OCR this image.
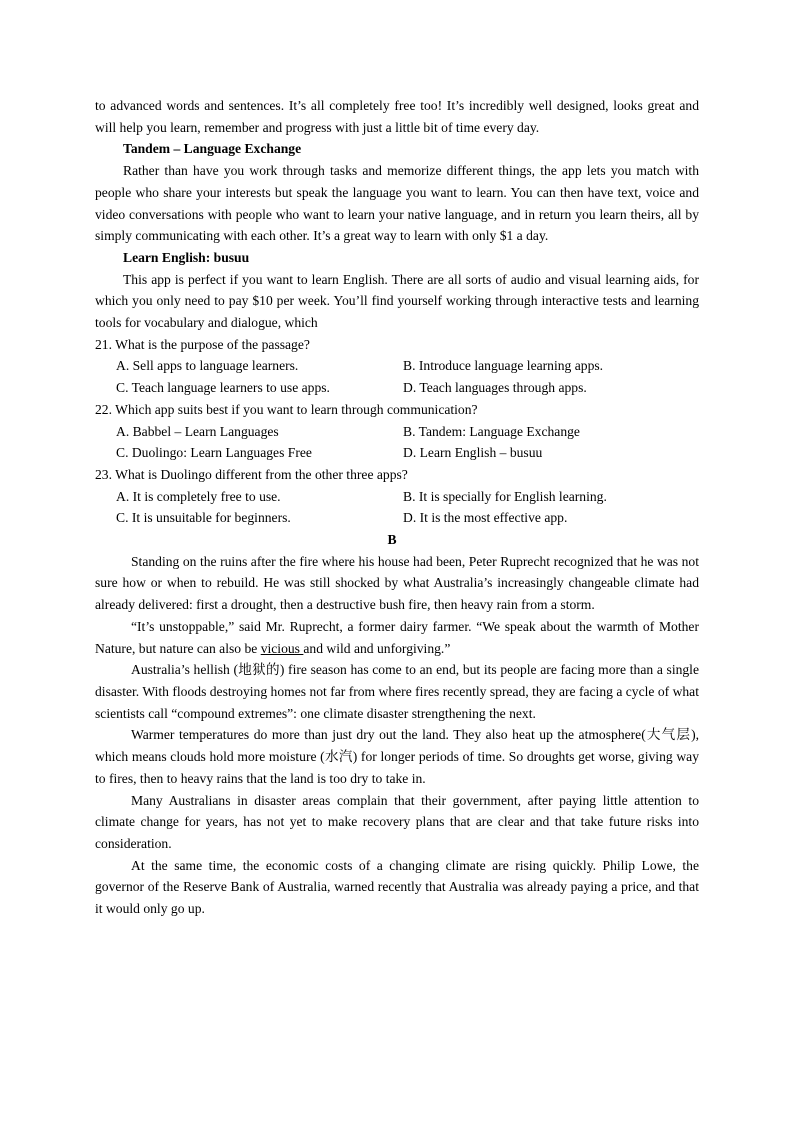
to advanced words and sentences. It’s all completely free too! It’s incredibly well designed, looks great and will help you learn, remember and progress with just a little bit of time every day.

Tandem – Language Exchange

Rather than have you work through tasks and memorize different things, the app lets you match with people who share your interests but speak the language you want to learn. You can then have text, voice and video conversations with people who want to learn your native language, and in return you learn theirs, all by simply communicating with each other. It’s a great way to learn with only $1 a day.

Learn English: busuu

This app is perfect if you want to learn English. There are all sorts of audio and visual learning aids, for which you only need to pay $10 per week. You’ll find yourself working through interactive tests and learning tools for vocabulary and dialogue, which

21. What is the purpose of the passage?

A. Sell apps to language learners.	B. Introduce language learning apps.
C. Teach language learners to use apps.	D. Teach languages through apps.

22. Which app suits best if you want to learn through communication?

A. Babbel – Learn Languages	B. Tandem: Language Exchange
C. Duolingo: Learn Languages Free	D. Learn English – busuu

23. What is Duolingo different from the other three apps?

A. It is completely free to use.	B. It is specially for English learning.
C. It is unsuitable for beginners.	D. It is the most effective app.

B

Standing on the ruins after the fire where his house had been, Peter Ruprecht recognized that he was not sure how or when to rebuild. He was still shocked by what Australia’s increasingly changeable climate had already delivered: first a drought, then a destructive bush fire, then heavy rain from a storm.

“It’s unstoppable,” said Mr. Ruprecht, a former dairy farmer. “We speak about the warmth of Mother Nature, but nature can also be vicious and wild and unforgiving.”

Australia’s hellish (地狱的) fire season has come to an end, but its people are facing more than a single disaster. With floods destroying homes not far from where fires recently spread, they are facing a cycle of what scientists call “compound extremes”: one climate disaster strengthening the next.

Warmer temperatures do more than just dry out the land. They also heat up the atmosphere(大气层), which means clouds hold more moisture (水汽) for longer periods of time. So droughts get worse, giving way to fires, then to heavy rains that the land is too dry to take in.

Many Australians in disaster areas complain that their government, after paying little attention to climate change for years, has not yet to make recovery plans that are clear and that take future risks into consideration.

At the same time, the economic costs of a changing climate are rising quickly. Philip Lowe, the governor of the Reserve Bank of Australia, warned recently that Australia was already paying a price, and that it would only go up.
